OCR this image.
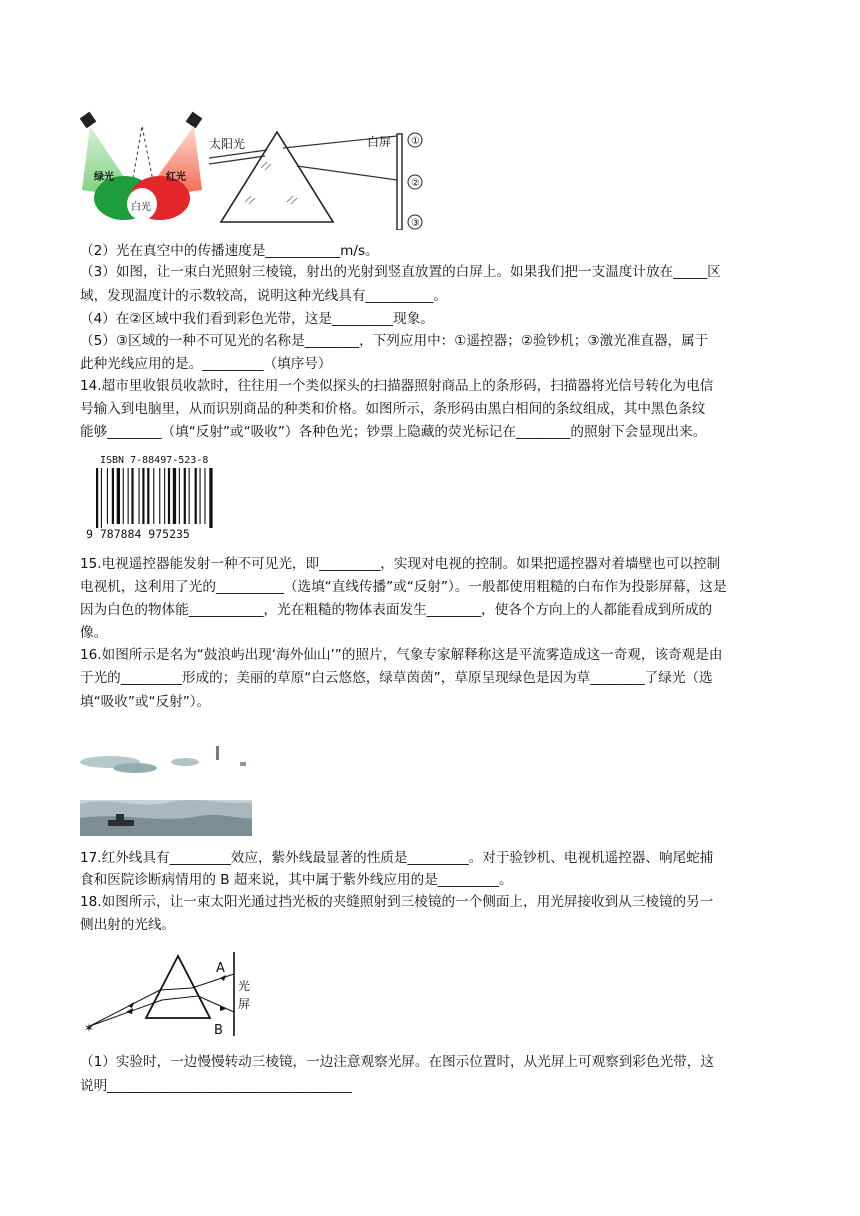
绿光	红光
白光
太阳光	白屏 ①
②
③
（2）光在真空中的传播速度是___________m/s。
（3）如图，让一束白光照射三棱镜，射出的光射到竖直放置的白屏上。如果我们把一支温度计放在_____区
域，发现温度计的示数较高，说明这种光线具有__________。
（4）在②区域中我们看到彩色光带，这是_________现象。
（5）③区域的一种不可见光的名称是________，下列应用中：①遥控器；②验钞机；③激光准直器，属于
此种光线应用的是。_________（填序号）
14.超市里收银员收款时，往往用一个类似探头的扫描器照射商品上的条形码，扫描器将光信号转化为电信
号输入到电脑里，从而识别商品的种类和价格。如图所示，条形码由黑白相间的条纹组成，其中黑色条纹
能够________（填“反射”或“吸收”）各种色光；钞票上隐藏的荧光标记在________的照射下会显现出来。
ISBN 7-88497-523-8
9 787884 975235
15.电视遥控器能发射一种不可见光，即_________，实现对电视的控制。如果把遥控器对着墙壁也可以控制
电视机，这利用了光的__________（选填“直线传播”或“反射”）。一般都使用粗糙的白布作为投影屏幕，这是
因为白色的物体能___________，光在粗糙的物体表面发生________，使各个方向上的人都能看成到所成的
像。
16.如图所示是名为“鼓浪屿出现‘海外仙山’”的照片，气象专家解释称这是平流雾造成这一奇观，该奇观是由
于光的_________形成的；美丽的草原“白云悠悠，绿草茵茵”，草原呈现绿色是因为草________了绿光（选
填“吸收”或“反射”）。
17.红外线具有_________效应，紫外线最显著的性质是_________。对于验钞机、电视机遥控器、响尾蛇捕
食和医院诊断病情用的 B 超来说，其中属于紫外线应用的是_________。
18.如图所示，让一束太阳光通过挡光板的夹缝照射到三棱镜的一个侧面上，用光屏接收到从三棱镜的另一
侧出射的光线。
✶
A
B
光
屏
（1）实验时，一边慢慢转动三棱镜，一边注意观察光屏。在图示位置时，从光屏上可观察到彩色光带，这
说明____________________________________
